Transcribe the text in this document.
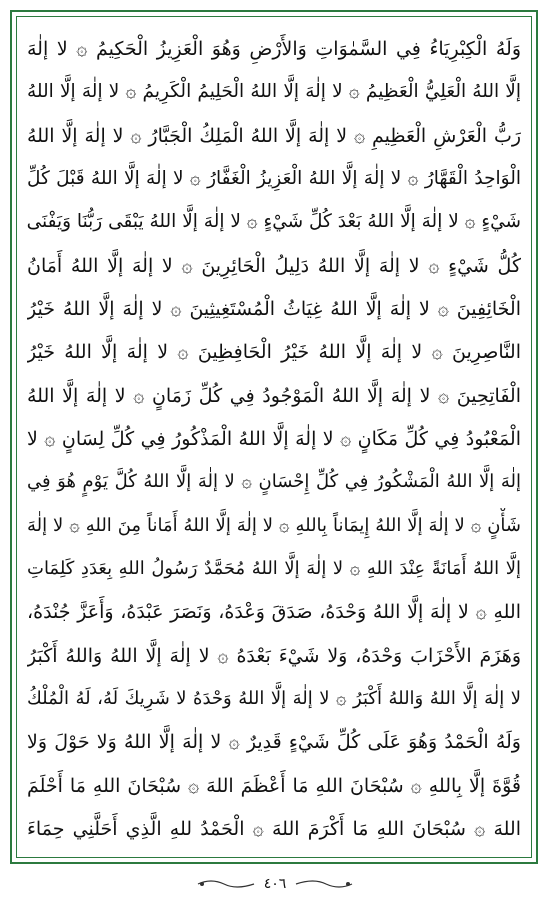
وَلَهُ الْكِبْرِيَاءُ فِي السَّمٰوَاتِ وَالأَرْضِ وَهُوَ الْعَزِيزُ الْحَكِيمُ ۞ لا إلٰهَ
إلَّا اللهُ الْعَلِيُّ الْعَظِيمُ ۞ لا إلٰهَ إلَّا اللهُ الْحَلِيمُ الْكَرِيمُ ۞ لا إلٰهَ إلَّا اللهُ
رَبُّ الْعَرْشِ الْعَظِيمِ ۞ لا إلٰهَ إلَّا اللهُ الْمَلِكُ الْجَبَّارُ ۞ لا إلٰهَ إلَّا اللهُ
الْوَاحِدُ الْقَهَّارُ ۞ لا إلٰهَ إلَّا اللهُ الْعَزِيزُ الْغَفَّارُ ۞ لا إلٰهَ إلَّا اللهُ قَبْلَ كُلِّ
شَيْءٍ ۞ لا إلٰهَ إلَّا اللهُ بَعْدَ كُلِّ شَيْءٍ ۞ لا إلٰهَ إلَّا اللهُ يَبْقَى رَبُّنَا وَيَفْنَى
كُلُّ شَيْءٍ ۞ لا إلٰهَ إلَّا اللهُ دَلِيلُ الْحَائِرِينَ ۞ لا إلٰهَ إلَّا اللهُ أَمَانُ
الْخَائِفِينَ ۞ لا إلٰهَ إلَّا اللهُ غِيَاثُ الْمُسْتَغِيثِينَ ۞ لا إلٰهَ إلَّا اللهُ خَيْرُ
النَّاصِرِينَ ۞ لا إلٰهَ إلَّا اللهُ خَيْرُ الْحَافِظِينَ ۞ لا إلٰهَ إلَّا اللهُ خَيْرُ
الْفَاتِحِينَ ۞ لا إلٰهَ إلَّا اللهُ الْمَوْجُودُ فِي كُلِّ زَمَانٍ ۞ لا إلٰهَ إلَّا اللهُ
الْمَعْبُودُ فِي كُلِّ مَكَانٍ ۞ لا إلٰهَ إلَّا اللهُ الْمَذْكُورُ فِي كُلِّ لِسَانٍ ۞ لا
إلٰهَ إلَّا اللهُ الْمَشْكُورُ فِي كُلِّ إِحْسَانٍ ۞ لا إلٰهَ إلَّا اللهُ كُلَّ يَوْمٍ هُوَ فِي
شَأْنٍ ۞ لا إلٰهَ إلَّا اللهُ إِيمَاناً بِاللهِ ۞ لا إلٰهَ إلَّا اللهُ أَمَاناً مِنَ اللهِ ۞ لا إلٰهَ
إلَّا اللهُ أَمَانَةً عِنْدَ اللهِ ۞ لا إلٰهَ إلَّا اللهُ مُحَمَّدٌ رَسُولُ اللهِ بِعَدَدِ كَلِمَاتِ
اللهِ ۞ لا إلٰهَ إلَّا اللهُ وَحْدَهُ، صَدَقَ وَعْدَهُ، وَنَصَرَ عَبْدَهُ، وَأَعَزَّ جُنْدَهُ،
وَهَزَمَ الأَحْزَابَ وَحْدَهُ، وَلا شَيْءَ بَعْدَهُ ۞ لا إلٰهَ إلَّا اللهُ وَاللهُ أَكْبَرُ
لا إلٰهَ إلَّا اللهُ وَاللهُ أَكْبَرُ ۞ لا إلٰهَ إلَّا اللهُ وَحْدَهُ لا شَرِيكَ لَهُ، لَهُ الْمُلْكُ
وَلَهُ الْحَمْدُ وَهُوَ عَلَى كُلِّ شَيْءٍ قَدِيرٌ ۞ لا إلٰهَ إلَّا اللهُ وَلا حَوْلَ وَلا
قُوَّةَ إلَّا بِاللهِ ۞ سُبْحَانَ اللهِ مَا أَعْظَمَ اللهَ ۞ سُبْحَانَ اللهِ مَا أَحْلَمَ
اللهَ ۞ سُبْحَانَ اللهِ مَا أَكْرَمَ اللهَ ۞ الْحَمْدُ للهِ الَّذِي أَحَلَّنِي حِمَاءَ
٤٠٦
